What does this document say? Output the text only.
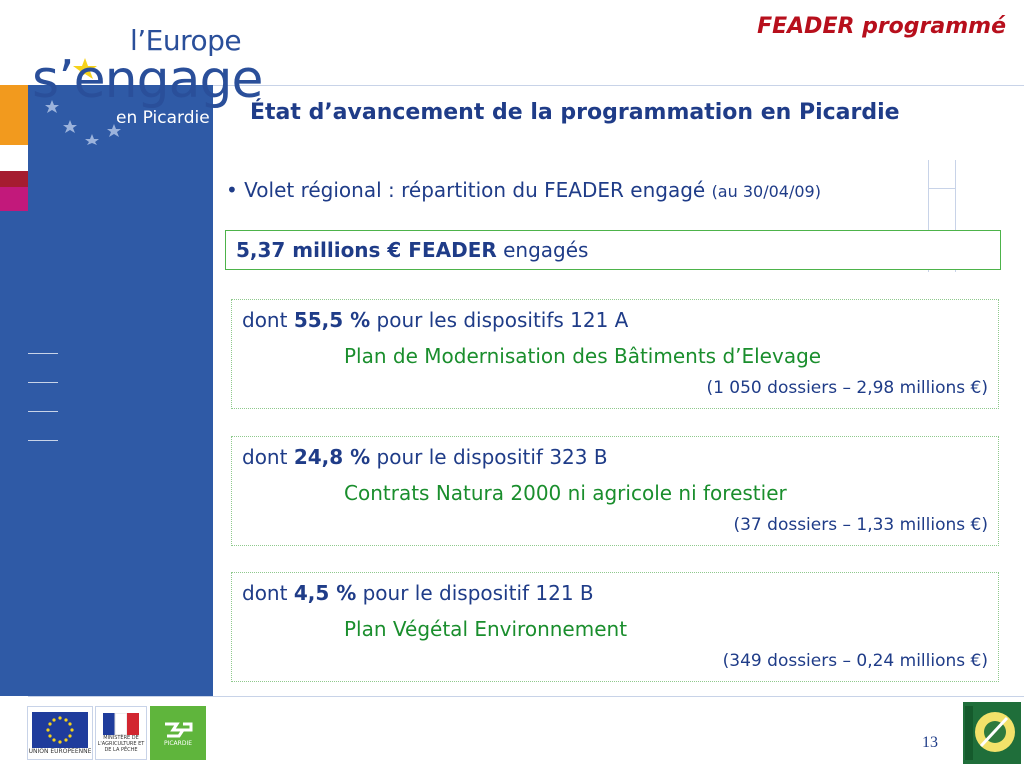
l’Europe
s’engage
en Picardie
FEADER programmé
État d’avancement de la programmation en Picardie
• Volet régional : répartition du FEADER engagé (au 30/04/09)
5,37 millions € FEADER engagés
dont 55,5 % pour les dispositifs 121 A
Plan de Modernisation des Bâtiments d’Elevage
(1 050 dossiers – 2,98 millions €)
dont 24,8 % pour le dispositif 323 B
Contrats Natura 2000 ni agricole ni forestier
(37 dossiers – 1,33 millions €)
dont 4,5 % pour le dispositif 121 B
Plan Végétal Environnement
(349 dossiers – 0,24 millions €)
UNION EUROPÉENNE
MINISTÈRE DE L'AGRICULTURE ET DE LA PÊCHE
PICARDIE	13
